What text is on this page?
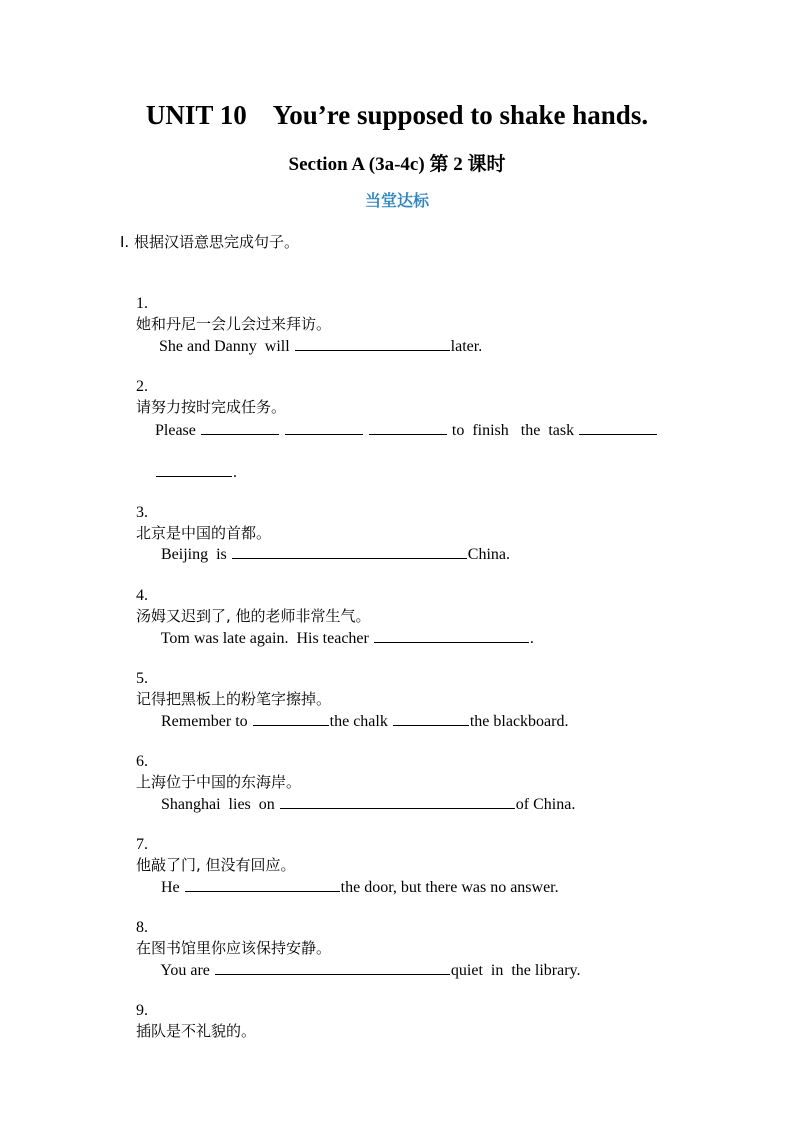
UNIT 10    You’re supposed to shake hands.
Section A (3a-4c) 第 2 课时
当堂达标
Ⅰ. 根据汉语意思完成句子。

1.
她和丹尼一会儿会过来拜访。

She and Danny  will	later.

2.
请努力按时完成任务。

Please	to  finish   the  task

.

3.
北京是中国的首都。

Beijing  is	China.

4.
汤姆又迟到了, 他的老师非常生气。

Tom was late again.  His teacher	.

5.
记得把黑板上的粉笔字擦掉。

Remember to	the chalk	the blackboard.

6.
上海位于中国的东海岸。

Shanghai  lies  on	of China.

7.
他敲了门, 但没有回应。

He	the door, but there was no answer.

8.
在图书馆里你应该保持安静。

You are	quiet  in  the library.

9.
插队是不礼貌的。
